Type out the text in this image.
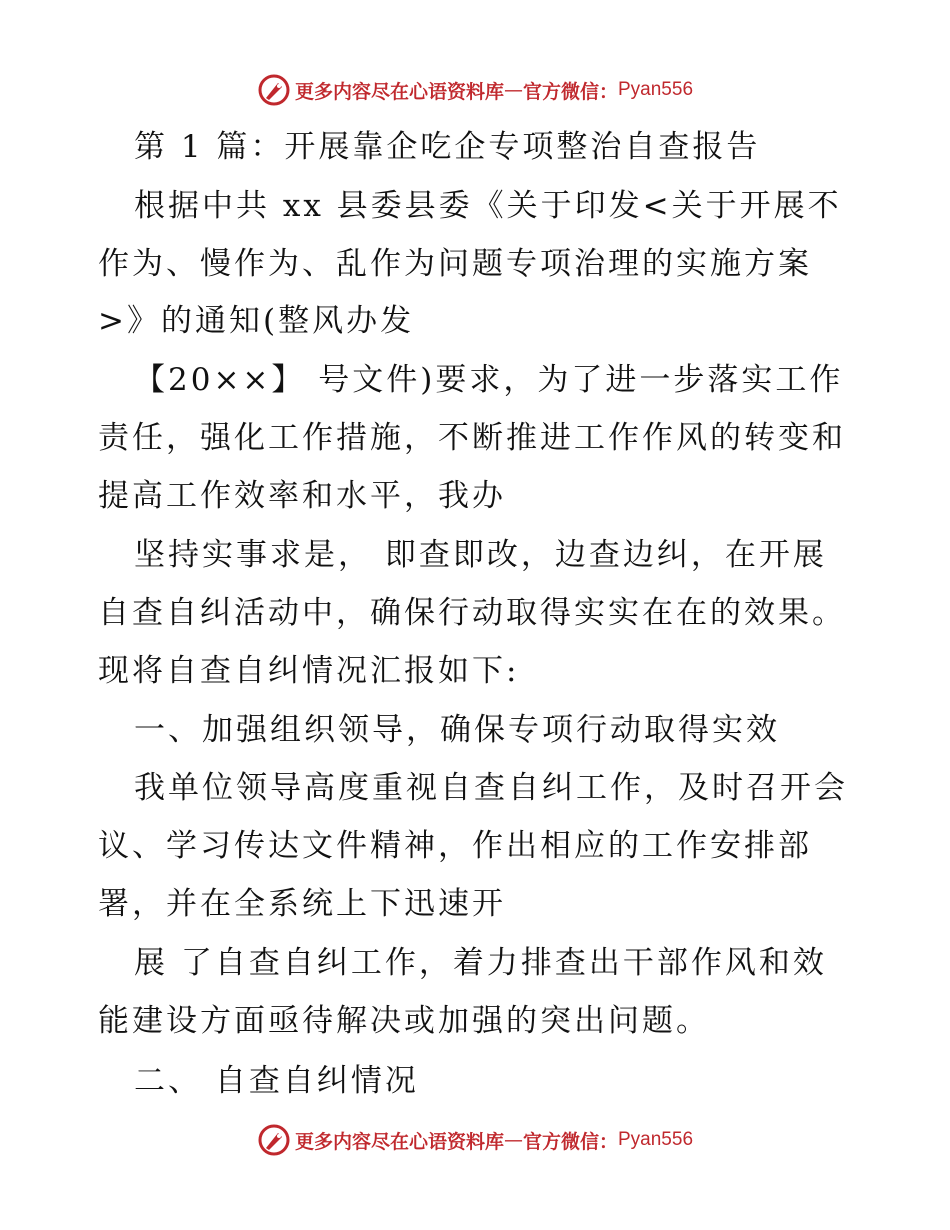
更多内容尽在心语资料库 — 官方微信： Pyan556
第 1 篇：开展靠企吃企专项整治自查报告
根据中共 xx 县委县委《关于印发<关于开展不
作为、慢作为、乱作为问题专项治理的实施方案
>》的通知(整风办发
【20××】 号文件)要求，为了进一步落实工作
责任，强化工作措施，不断推进工作作风的转变和
提高工作效率和水平，我办
坚持实事求是， 即查即改，边查边纠，在开展
自查自纠活动中，确保行动取得实实在在的效果。
现将自查自纠情况汇报如下:
一、加强组织领导，确保专项行动取得实效
我单位领导高度重视自查自纠工作，及时召开会
议、学习传达文件精神，作出相应的工作安排部
署，并在全系统上下迅速开
展 了自查自纠工作，着力排查出干部作风和效
能建设方面亟待解决或加强的突出问题。
二、 自查自纠情况
更多内容尽在心语资料库 — 官方微信： Pyan556
